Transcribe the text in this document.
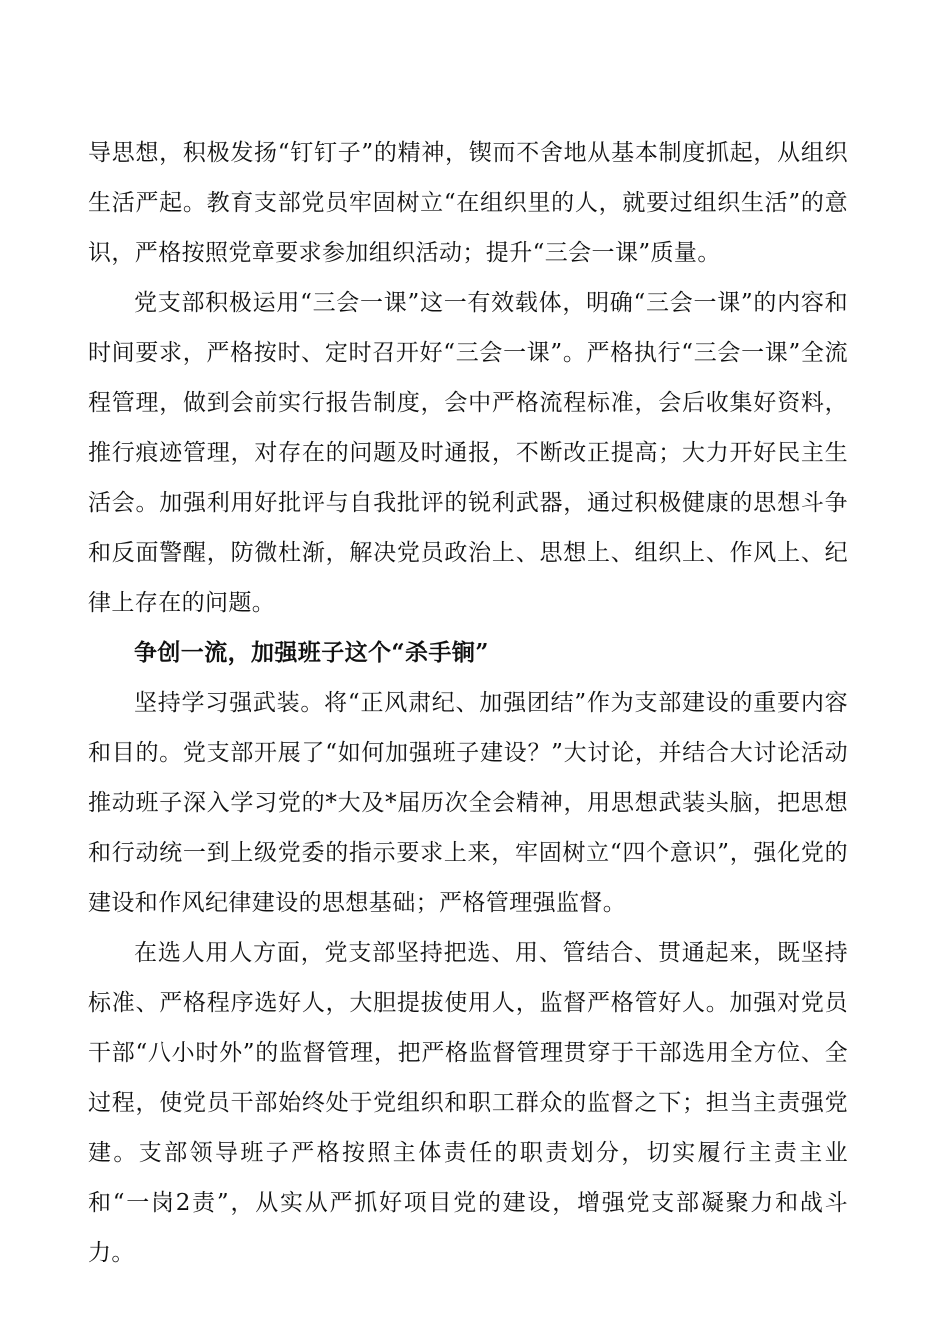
导思想，积极发扬“钉钉子”的精神，锲而不舍地从基本制度抓起，从组织生活严起。教育支部党员牢固树立“在组织里的人，就要过组织生活”的意识，严格按照党章要求参加组织活动；提升“三会一课”质量。

党支部积极运用“三会一课”这一有效载体，明确“三会一课”的内容和时间要求，严格按时、定时召开好“三会一课”。严格执行“三会一课”全流程管理，做到会前实行报告制度，会中严格流程标准，会后收集好资料，推行痕迹管理，对存在的问题及时通报，不断改正提高；大力开好民主生活会。加强利用好批评与自我批评的锐利武器，通过积极健康的思想斗争和反面警醒，防微杜渐，解决党员政治上、思想上、组织上、作风上、纪律上存在的问题。

争创一流，加强班子这个“杀手锏”

坚持学习强武装。将“正风肃纪、加强团结”作为支部建设的重要内容和目的。党支部开展了“如何加强班子建设？”大讨论，并结合大讨论活动推动班子深入学习党的*大及*届历次全会精神，用思想武装头脑，把思想和行动统一到上级党委的指示要求上来，牢固树立“四个意识”，强化党的建设和作风纪律建设的思想基础；严格管理强监督。

在选人用人方面，党支部坚持把选、用、管结合、贯通起来，既坚持标准、严格程序选好人，大胆提拔使用人，监督严格管好人。加强对党员干部“八小时外”的监督管理，把严格监督管理贯穿于干部选用全方位、全过程，使党员干部始终处于党组织和职工群众的监督之下；担当主责强党建。支部领导班子严格按照主体责任的职责划分，切实履行主责主业和“一岗2责”，从实从严抓好项目党的建设，增强党支部凝聚力和战斗力。
